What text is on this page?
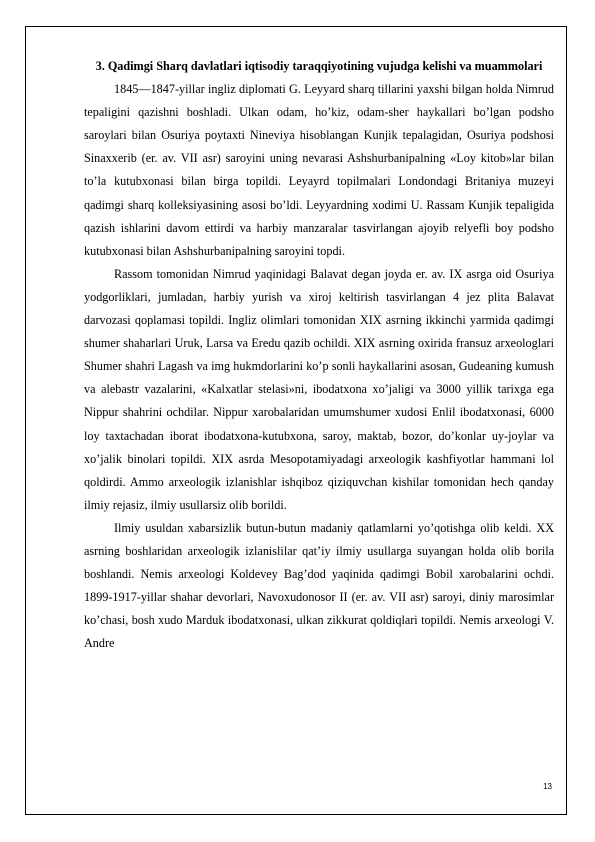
3. Qadimgi Sharq davlatlari iqtisodiy taraqqiyotining vujudga kelishi va muammolari

1845—1847-yillar ingliz diplomati G. Leyyard sharq tillarini yaxshi bilgan holda Nimrud tepaligini qazishni boshladi. Ulkan odam, ho’kiz, odam-sher haykallari bo’lgan podsho saroylari bilan Osuriya poytaxti Nineviya hisoblangan Kunjik tepalagidan, Osuriya podshosi Sinaxxerib (er. av. VII asr) saroyini uning nevarasi Ashshurbanipalning «Loy kitob»lar bilan to’la kutubxonasi bilan birga topildi. Leyayrd topilmalari Londondagi Britaniya muzeyi qadimgi sharq kolleksiyasining asosi bo’ldi. Leyyardning xodimi U. Rassam Kunjik tepaligida qazish ishlarini davom ettirdi va harbiy manzaralar tasvirlangan ajoyib relyefli boy podsho kutubxonasi bilan Ashshurbanipalning saroyini topdi.

Rassom tomonidan Nimrud yaqinidagi Balavat degan joyda er. av. IX asrga oid Osuriya yodgorliklari, jumladan, harbiy yurish va xiroj keltirish tasvirlangan 4 jez plita Balavat darvozasi qoplamasi topildi. Ingliz olimlari tomonidan XIX asrning ikkinchi yarmida qadimgi shumer shaharlari Uruk, Larsa va Eredu qazib ochildi. XIX asrning oxirida fransuz arxeologlari Shumer shahri Lagash va img hukmdorlarini ko’p sonli haykallarini asosan, Gudeaning kumush va alebastr vazalarini, «Kalxatlar stelasi»ni, ibodatxona xo’jaligi va 3000 yillik tarixga ega Nippur shahrini ochdilar. Nippur xarobalaridan umumshumer xudosi Enlil ibodatxonasi, 6000 loy taxtachadan iborat ibodatxona-kutubxona, saroy, maktab, bozor, do’konlar uy-joylar va xo’jalik binolari topildi. XIX asrda Mesopotamiyadagi arxeologik kashfiyotlar hammani lol qoldirdi. Ammo arxeologik izlanishlar ishqiboz qiziquvchan kishilar tomonidan hech qanday ilmiy rejasiz, ilmiy usullarsiz olib borildi.

Ilmiy usuldan xabarsizlik butun-butun madaniy qatlamlarni yo’qotishga olib keldi. XX asrning boshlaridan arxeologik izlanislilar qat’iy ilmiy usullarga suyangan holda olib borila boshlandi. Nemis arxeologi Koldevey Bag’dod yaqinida qadimgi Bobil xarobalarini ochdi. 1899-1917-yillar shahar devorlari, Navoxudonosor II (er. av. VII asr) saroyi, diniy marosimlar ko’chasi, bosh xudo Marduk ibodatxonasi, ulkan zikkurat qoldiqlari topildi. Nemis arxeologi V. Andre

13
